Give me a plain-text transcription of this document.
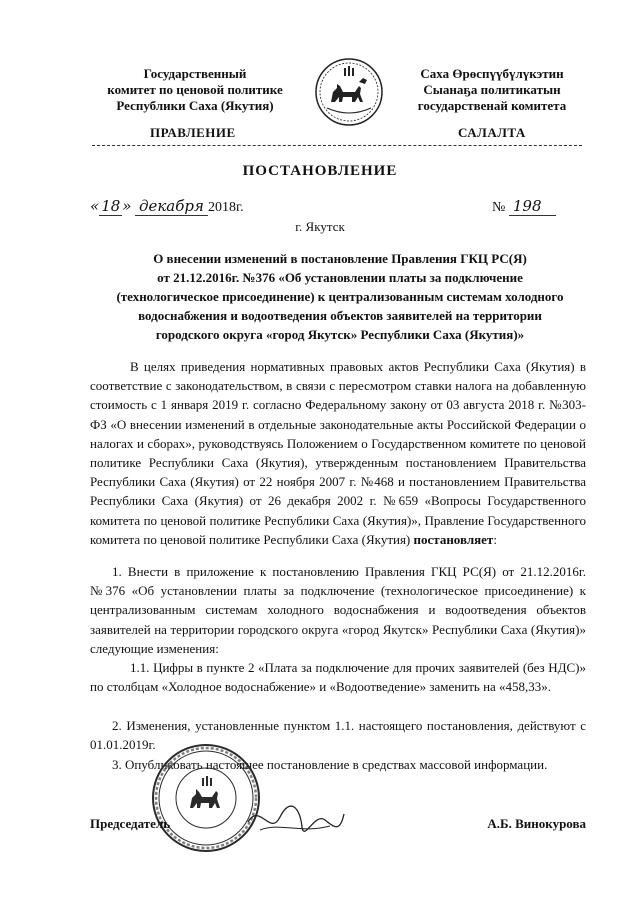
Государственный
комитет по ценовой политике
Республики Саха (Якутия)
Саха Өрөспүүбүлүкэтин
Сыанаҕа политикатын
государственай комитета
ПРАВЛЕНИЕ	САЛАЛТА
ПОСТАНОВЛЕНИЕ
« 18 » декабря 2018г.	№ 198
г. Якутск
О внесении изменений в постановление Правления ГКЦ РС(Я)
от 21.12.2016г. №376 «Об установлении платы за подключение
(технологическое присоединение) к централизованным системам холодного
водоснабжения и водоотведения объектов заявителей на территории
городского округа «город Якутск» Республики Саха (Якутия)»
В целях приведения нормативных правовых актов Республики Саха (Якутия) в соответствие с законодательством, в связи с пересмотром ставки налога на добавленную стоимость с 1 января 2019 г. согласно Федеральному закону от 03 августа 2018 г. №303-ФЗ «О внесении изменений в отдельные законодательные акты Российской Федерации о налогах и сборах», руководствуясь Положением о Государственном комитете по ценовой политике Республики Саха (Якутия), утвержденным постановлением Правительства Республики Саха (Якутия) от 22 ноября 2007 г. №468 и постановлением Правительства Республики Саха (Якутия) от 26 декабря 2002 г. №659 «Вопросы Государственного комитета по ценовой политике Республики Саха (Якутия)», Правление Государственного комитета по ценовой политике Республики Саха (Якутия) постановляет:
1. Внести в приложение к постановлению Правления ГКЦ РС(Я) от 21.12.2016г. №376 «Об установлении платы за подключение (технологическое присоединение) к централизованным системам холодного водоснабжения и водоотведения объектов заявителей на территории городского округа «город Якутск» Республики Саха (Якутия)» следующие изменения:
1.1. Цифры в пункте 2 «Плата за подключение для прочих заявителей (без НДС)» по столбцам «Холодное водоснабжение» и «Водоотведение» заменить на «458,33».
2. Изменения, установленные пунктом 1.1. настоящего постановления, действуют с 01.01.2019г.
3. Опубликовать настоящее постановление в средствах массовой информации.
Председатель	А.Б. Винокурова
